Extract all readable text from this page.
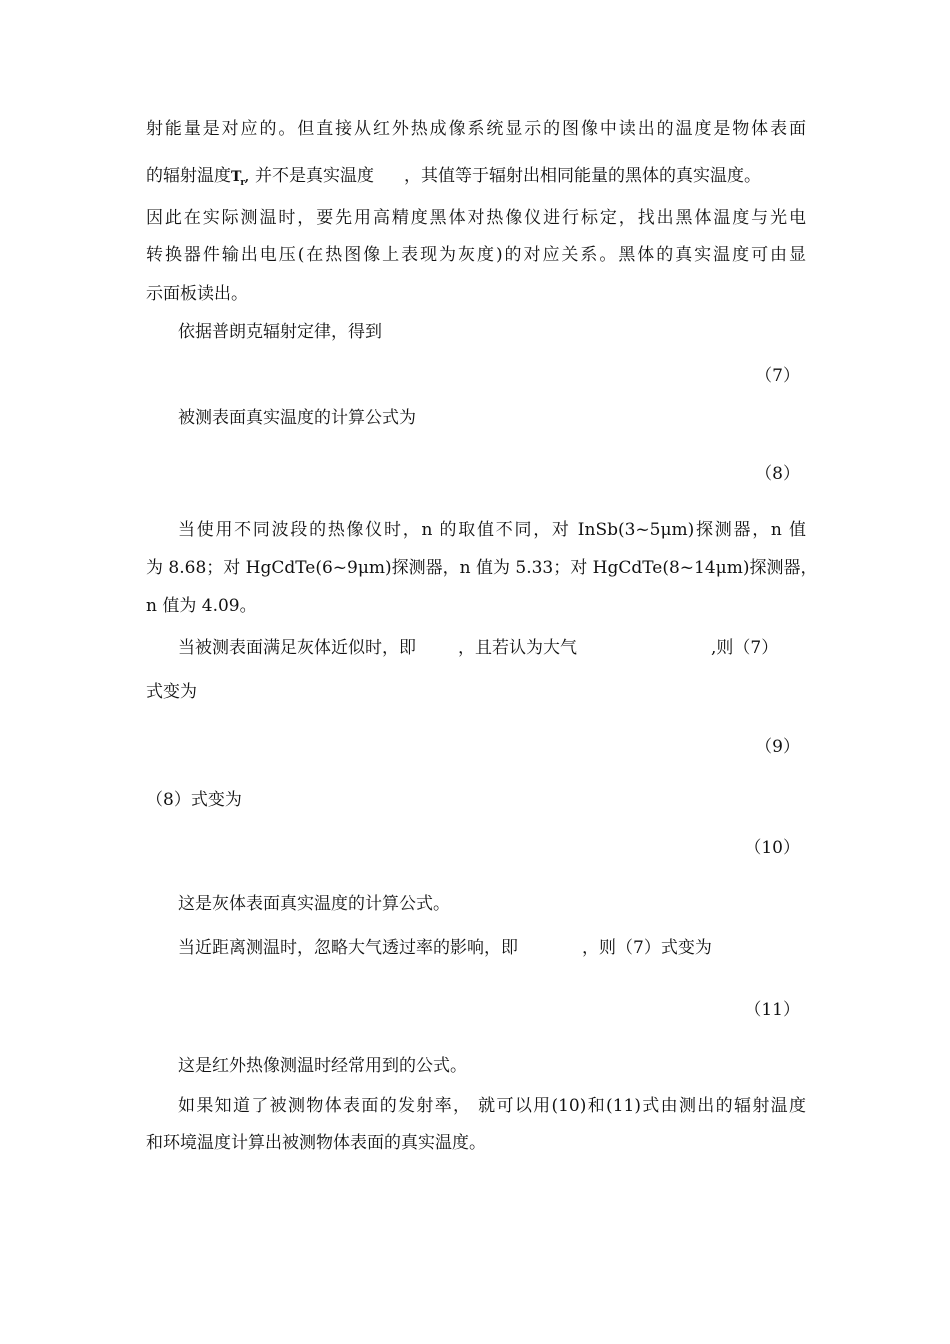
射能量是对应的。但直接从红外热成像系统显示的图像中读出的温度是物体表面
的辐射温度$T_r$, 并不是真实温度 ，其值等于辐射出相同能量的黑体的真实温度。
因此在实际测温时，要先用高精度黑体对热像仪进行标定，找出黑体温度与光电
转换器件输出电压(在热图像上表现为灰度)的对应关系。黑体的真实温度可由显
示面板读出。
依据普朗克辐射定律，得到
（7）
被测表面真实温度的计算公式为
（8）
当使用不同波段的热像仪时，n 的取值不同，对 InSb(3~5μm)探测器，n 值
为 8.68；对 HgCdTe(6~9μm)探测器，n 值为 5.33；对 HgCdTe(8~14μm)探测器，
n 值为 4.09。
当被测表面满足灰体近似时，即 ，且若认为大气	,则（7）
式变为
（9）
（8）式变为
（10）
这是灰体表面真实温度的计算公式。
当近距离测温时，忽略大气透过率的影响，即	，则（7）式变为
（11）
这是红外热像测温时经常用到的公式。
如果知道了被测物体表面的发射率， 就可以用(10)和(11)式由测出的辐射温度
和环境温度计算出被测物体表面的真实温度。
